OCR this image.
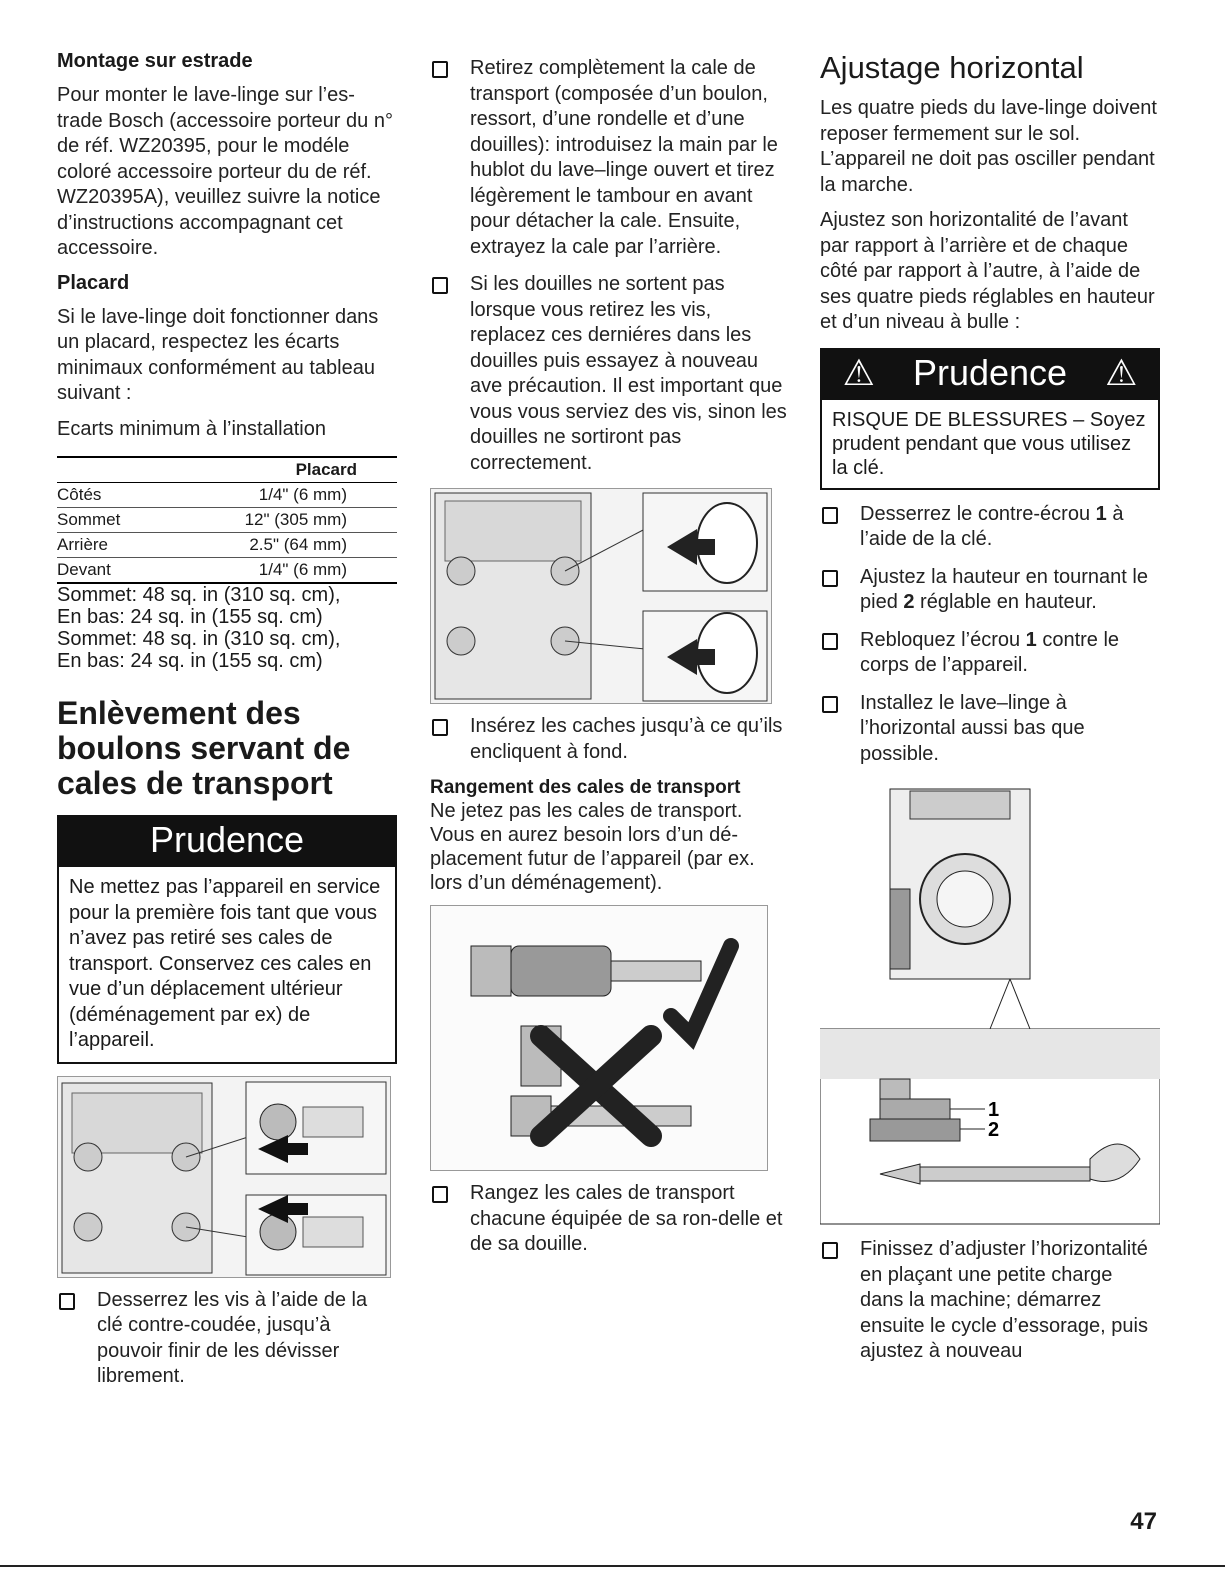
Montage sur estrade

Pour monter le lave-linge sur l’es-trade Bosch (accessoire porteur du n° de réf. WZ20395, pour le modéle coloré accessoire porteur du de réf. WZ20395A), veuillez suivre la notice d’instructions accompagnant cet accessoire.

Placard

Si le lave-linge doit fonctionner dans un placard, respectez les écarts minimaux conformément au tableau suivant :

Ecarts minimum à l’installation

Placard	
Côtés	1/4" (6 mm)
Sommet	12" (305 mm)
Arrière	2.5" (64 mm)
Devant	1/4" (6 mm)

Sommet: 48 sq. in (310 sq. cm),

En bas: 24 sq. in (155 sq. cm)

Sommet: 48 sq. in (310 sq. cm),

En bas: 24 sq. in (155 sq. cm)

Enlèvement des boulons servant de cales de transport
Prudence
Ne mettez pas l’appareil en service pour la première fois tant que vous n’avez pas retiré ses cales de transport. Conservez ces cales en vue d’un déplacement ultérieur (déménagement par ex) de l’appareil.
Desserrez les vis à l’aide de la clé contre-coudée, jusqu’à pouvoir finir de les dévisser librement.
Retirez complètement la cale de transport (composée d’un boulon, ressort, d’une rondelle et d’une douilles): introduisez la main par le hublot du lave–linge ouvert et tirez légèrement le tambour en avant pour détacher la cale. Ensuite, extrayez la cale par l’arrière.
Si les douilles ne sortent pas lorsque vous retirez les vis, replacez ces derniéres dans les douilles puis essayez à nouveau ave précaution. Il est important que vous vous serviez des vis, sinon les douilles ne sortiront pas correctement.
Insérez les caches jusqu’à ce qu’ils encliquent à fond.
Rangement des cales de transport

Ne jetez pas les cales de transport. Vous en aurez besoin lors d’un dé-placement futur de l’appareil (par ex. lors d’un déménagement).

Rangez les cales de transport chacune équipée de sa ron-delle et de sa douille.
Ajustage horizontal

Les quatre pieds du lave-linge doivent reposer fermement sur le sol. L’appareil ne doit pas osciller pendant la marche.

Ajustez son horizontalité de l’avant par rapport à l’arrière et de chaque côté par rapport à l’autre, à l’aide de ses quatre pieds réglables en hauteur et d’un niveau à bulle :

⚠ Prudence ⚠
RISQUE DE BLESSURES – Soyez prudent pendant que vous utilisez la clé.
Desserrez le contre-écrou 1 à l’aide de la clé.
Ajustez la hauteur en tournant le pied 2 réglable en hauteur.
Rebloquez l’écrou 1 contre le corps de l’appareil.
Installez le lave–linge à l’horizontal aussi bas que possible.
1
2
Finissez d’adjuster l’horizontalité en plaçant une petite charge dans la machine; démarrez ensuite le cycle d’essorage, puis ajustez à nouveau
47
